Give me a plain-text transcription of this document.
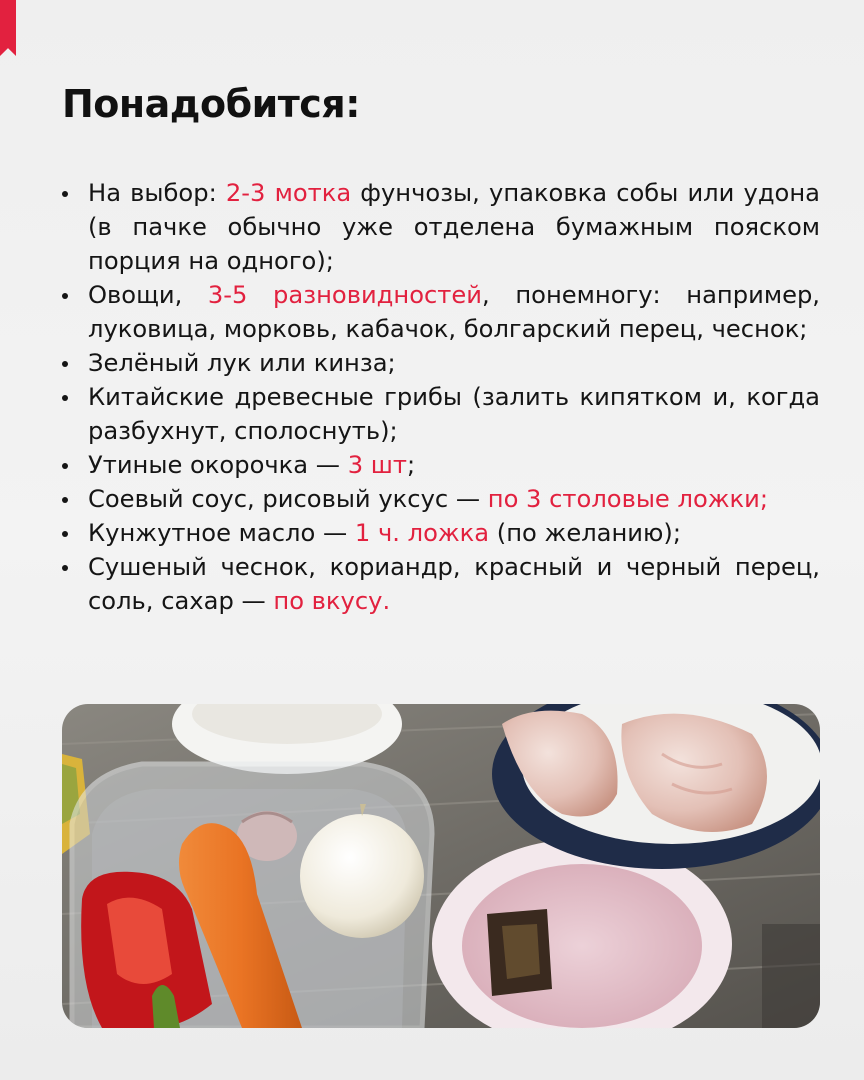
Понадобится:
На выбор: 2-3 мотка фунчозы, упаковка собы или удона (в пачке обычно уже отделена бумажным пояском порция на одного);
Овощи, 3-5 разновидностей, понемногу: например, луковица, морковь, кабачок, болгарский перец, чеснок;
Зелёный лук или кинза;
Китайские древесные грибы (залить кипятком и, когда разбухнут, сполоснуть);
Утиные окорочка — 3 шт;
Соевый соус, рисовый уксус — по 3 столовые ложки;
Кунжутное масло — 1 ч. ложка (по желанию);
Сушеный чеснок, кориандр, красный и черный перец, соль, сахар — по вкусу.
